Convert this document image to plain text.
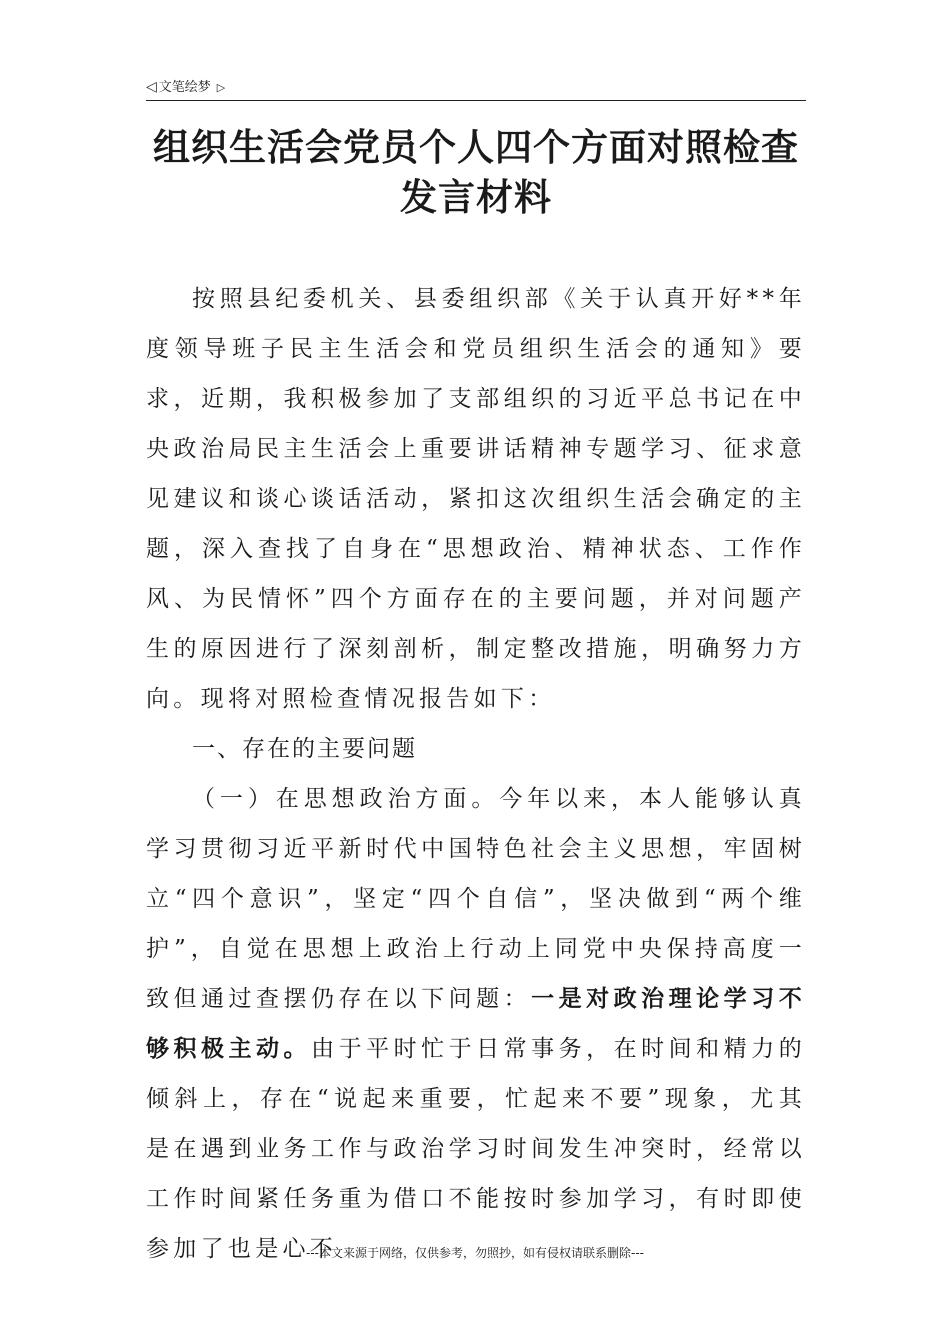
◁ 文笔绘梦 ▷
组织生活会党员个人四个方面对照检查发言材料

按照县纪委机关、县委组织部《关于认真开好**年度领导班子民主生活会和党员组织生活会的通知》要求，近期，我积极参加了支部组织的习近平总书记在中央政治局民主生活会上重要讲话精神专题学习、征求意见建议和谈心谈话活动，紧扣这次组织生活会确定的主题，深入查找了自身在“思想政治、精神状态、工作作风、为民情怀”四个方面存在的主要问题，并对问题产生的原因进行了深刻剖析，制定整改措施，明确努力方向。现将对照检查情况报告如下：

一、存在的主要问题

（一）在思想政治方面。今年以来，本人能够认真学习贯彻习近平新时代中国特色社会主义思想，牢固树立“四个意识”，坚定“四个自信”，坚决做到“两个维护”，自觉在思想上政治上行动上同党中央保持高度一致但通过查摆仍存在以下问题：一是对政治理论学习不够积极主动。由于平时忙于日常事务，在时间和精力的倾斜上，存在“说起来重要，忙起来不要”现象，尤其是在遇到业务工作与政治学习时间发生冲突时，经常以工作时间紧任务重为借口不能按时参加学习，有时即使参加了也是心不

---本文来源于网络，仅供参考，勿照抄，如有侵权请联系删除---
